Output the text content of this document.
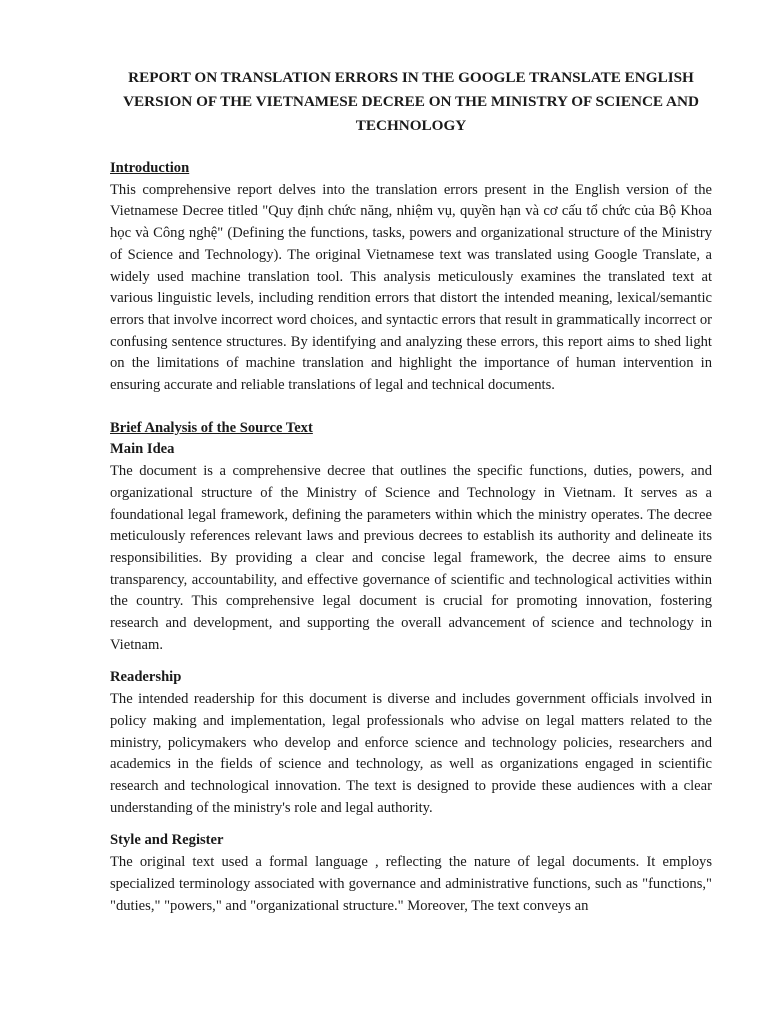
REPORT ON TRANSLATION ERRORS IN THE GOOGLE TRANSLATE ENGLISH VERSION OF THE VIETNAMESE DECREE ON THE MINISTRY OF SCIENCE AND TECHNOLOGY
Introduction

This comprehensive report delves into the translation errors present in the English version of the Vietnamese Decree titled "Quy định chức năng, nhiệm vụ, quyền hạn và cơ cấu tổ chức của Bộ Khoa học và Công nghệ" (Defining the functions, tasks, powers and organizational structure of the Ministry of Science and Technology). The original Vietnamese text was translated using Google Translate, a widely used machine translation tool. This analysis meticulously examines the translated text at various linguistic levels, including rendition errors that distort the intended meaning, lexical/semantic errors that involve incorrect word choices, and syntactic errors that result in grammatically incorrect or confusing sentence structures. By identifying and analyzing these errors, this report aims to shed light on the limitations of machine translation and highlight the importance of human intervention in ensuring accurate and reliable translations of legal and technical documents.

Brief Analysis of the Source Text
Main Idea

The document is a comprehensive decree that outlines the specific functions, duties, powers, and organizational structure of the Ministry of Science and Technology in Vietnam. It serves as a foundational legal framework, defining the parameters within which the ministry operates. The decree meticulously references relevant laws and previous decrees to establish its authority and delineate its responsibilities. By providing a clear and concise legal framework, the decree aims to ensure transparency, accountability, and effective governance of scientific and technological activities within the country. This comprehensive legal document is crucial for promoting innovation, fostering research and development, and supporting the overall advancement of science and technology in Vietnam.

Readership

The intended readership for this document is diverse and includes government officials involved in policy making and implementation, legal professionals who advise on legal matters related to the ministry, policymakers who develop and enforce science and technology policies, researchers and academics in the fields of science and technology, as well as organizations engaged in scientific research and technological innovation. The text is designed to provide these audiences with a clear understanding of the ministry's role and legal authority.

Style and Register

The original text used a formal language , reflecting the nature of legal documents. It employs specialized terminology associated with governance and administrative functions, such as "functions," "duties," "powers," and "organizational structure." Moreover, The text conveys an
